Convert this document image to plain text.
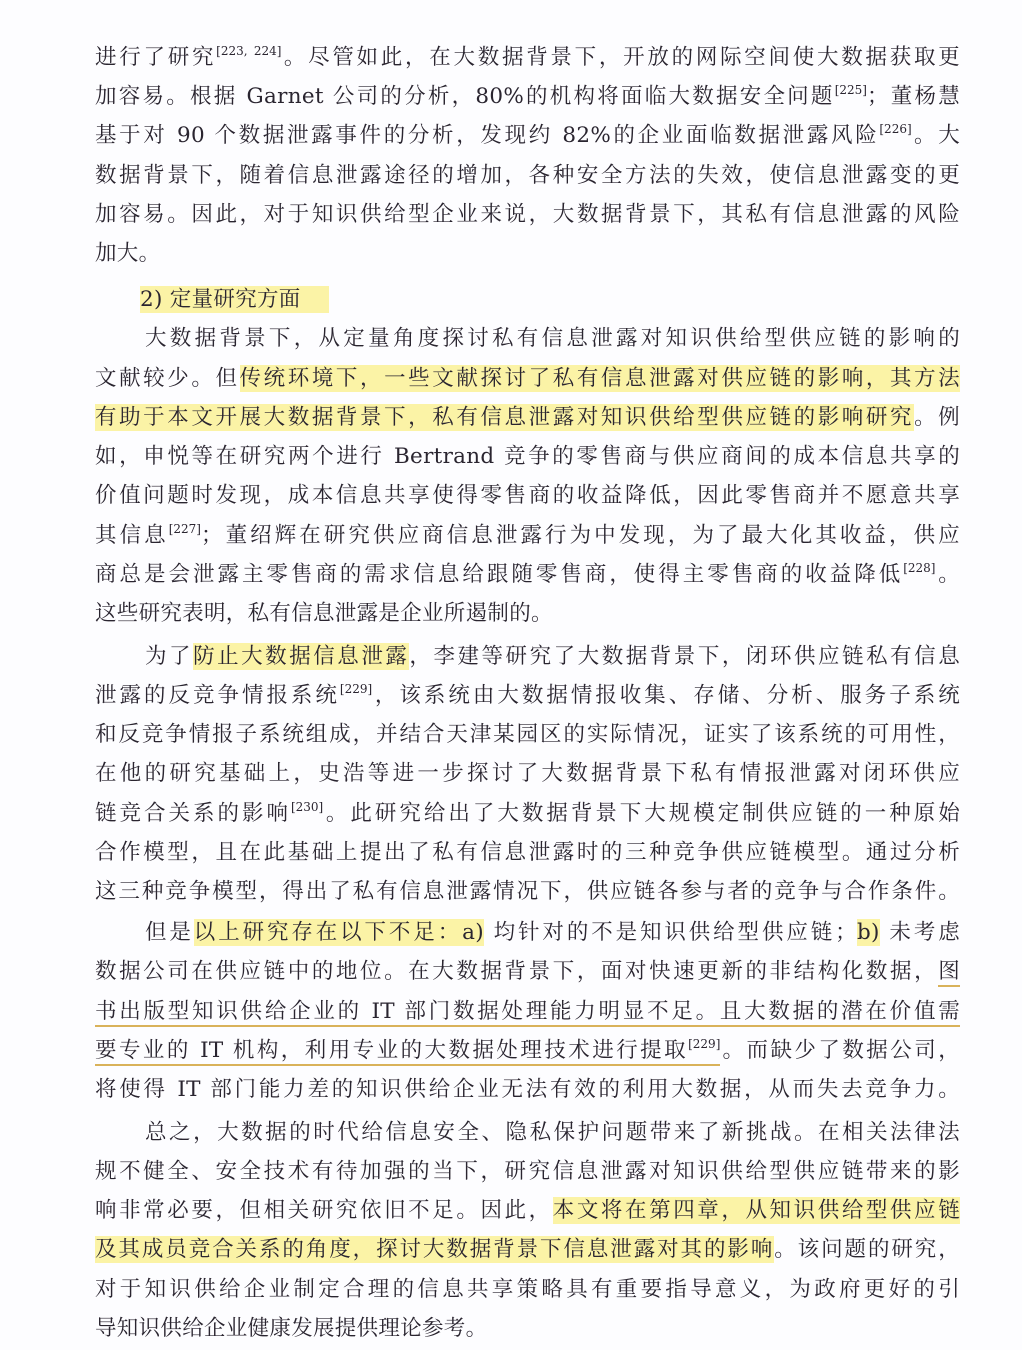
进行了研究[223, 224]。尽管如此，在大数据背景下，开放的网际空间使大数据获取更
加容易。根据 Garnet 公司的分析，80%的机构将面临大数据安全问题[225]；董杨慧
基于对 90 个数据泄露事件的分析，发现约 82%的企业面临数据泄露风险[226]。大
数据背景下，随着信息泄露途径的增加，各种安全方法的失效，使信息泄露变的更
加容易。因此，对于知识供给型企业来说，大数据背景下，其私有信息泄露的风险
加大。
2) 定量研究方面
大数据背景下，从定量角度探讨私有信息泄露对知识供给型供应链的影响的
文献较少。但传统环境下，一些文献探讨了私有信息泄露对供应链的影响，其方法
有助于本文开展大数据背景下，私有信息泄露对知识供给型供应链的影响研究。例
如，申悦等在研究两个进行 Bertrand 竞争的零售商与供应商间的成本信息共享的
价值问题时发现，成本信息共享使得零售商的收益降低，因此零售商并不愿意共享
其信息[227]；董绍辉在研究供应商信息泄露行为中发现，为了最大化其收益，供应
商总是会泄露主零售商的需求信息给跟随零售商，使得主零售商的收益降低[228]。
这些研究表明，私有信息泄露是企业所遏制的。
为了防止大数据信息泄露，李建等研究了大数据背景下，闭环供应链私有信息
泄露的反竞争情报系统[229]，该系统由大数据情报收集、存储、分析、服务子系统
和反竞争情报子系统组成，并结合天津某园区的实际情况，证实了该系统的可用性，
在他的研究基础上，史浩等进一步探讨了大数据背景下私有情报泄露对闭环供应
链竞合关系的影响[230]。此研究给出了大数据背景下大规模定制供应链的一种原始
合作模型，且在此基础上提出了私有信息泄露时的三种竞争供应链模型。通过分析
这三种竞争模型，得出了私有信息泄露情况下，供应链各参与者的竞争与合作条件。
但是以上研究存在以下不足：a) 均针对的不是知识供给型供应链；b) 未考虑
数据公司在供应链中的地位。在大数据背景下，面对快速更新的非结构化数据，图
书出版型知识供给企业的 IT 部门数据处理能力明显不足。且大数据的潜在价值需
要专业的 IT 机构，利用专业的大数据处理技术进行提取[229]。而缺少了数据公司，
将使得 IT 部门能力差的知识供给企业无法有效的利用大数据，从而失去竞争力。
总之，大数据的时代给信息安全、隐私保护问题带来了新挑战。在相关法律法
规不健全、安全技术有待加强的当下，研究信息泄露对知识供给型供应链带来的影
响非常必要，但相关研究依旧不足。因此，本文将在第四章，从知识供给型供应链
及其成员竞合关系的角度，探讨大数据背景下信息泄露对其的影响。该问题的研究，
对于知识供给企业制定合理的信息共享策略具有重要指导意义，为政府更好的引
导知识供给企业健康发展提供理论参考。
